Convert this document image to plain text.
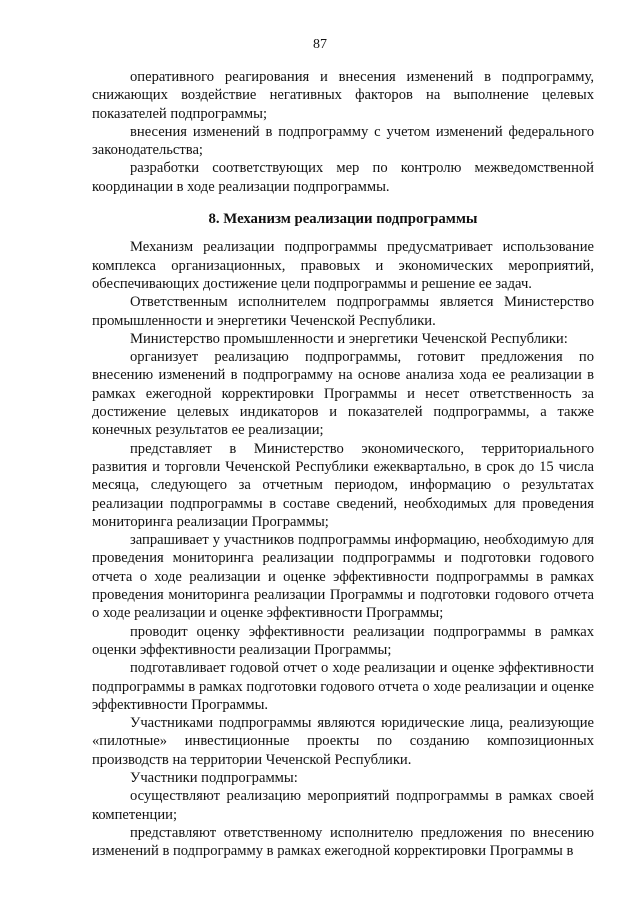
87

оперативного реагирования и внесения изменений в подпрограмму, снижающих воздействие негативных факторов на выполнение целевых показателей подпрограммы;

внесения изменений в подпрограмму с учетом изменений федерального законодательства;

разработки соответствующих мер по контролю межведомственной координации в ходе реализации подпрограммы.

8. Механизм реализации подпрограммы

Механизм реализации подпрограммы предусматривает использование комплекса организационных, правовых и экономических мероприятий, обеспечивающих достижение цели подпрограммы и решение ее задач.

Ответственным исполнителем подпрограммы является Министерство промышленности и энергетики Чеченской Республики.

Министерство промышленности и энергетики Чеченской Республики:

организует реализацию подпрограммы, готовит предложения по внесению изменений в подпрограмму на основе анализа хода ее реализации в рамках ежегодной корректировки Программы и несет ответственность за достижение целевых индикаторов и показателей подпрограммы, а также конечных результатов ее реализации;

представляет в Министерство экономического, территориального развития и торговли Чеченской Республики ежеквартально, в срок до 15 числа месяца, следующего за отчетным периодом, информацию о результатах реализации подпрограммы в составе сведений, необходимых для проведения мониторинга реализации Программы;

запрашивает у участников подпрограммы информацию, необходимую для проведения мониторинга реализации подпрограммы и подготовки годового отчета о ходе реализации и оценке эффективности подпрограммы в рамках проведения мониторинга реализации Программы и подготовки годового отчета о ходе реализации и оценке эффективности Программы;

проводит оценку эффективности реализации подпрограммы в рамках оценки эффективности реализации Программы;

подготавливает годовой отчет о ходе реализации и оценке эффективности подпрограммы в рамках подготовки годового отчета о ходе реализации и оценке эффективности Программы.

Участниками подпрограммы являются юридические лица, реализующие «пилотные» инвестиционные проекты по созданию композиционных производств на территории Чеченской Республики.

Участники подпрограммы:

осуществляют реализацию мероприятий подпрограммы в рамках своей компетенции;

представляют ответственному исполнителю предложения по внесению изменений в подпрограмму в рамках ежегодной корректировки Программы в
